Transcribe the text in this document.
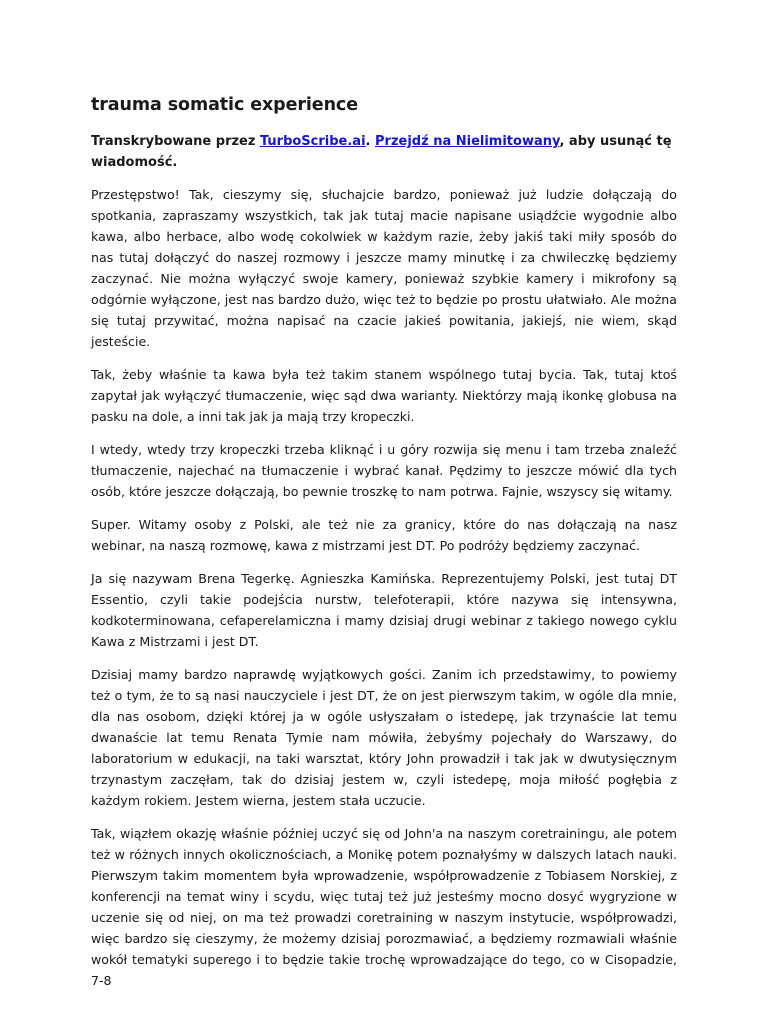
trauma somatic experience

Transkrybowane przez TurboScribe.ai. Przejdź na Nielimitowany, aby usunąć tę wiadomość.

Przestępstwo! Tak, cieszymy się, słuchajcie bardzo, ponieważ już ludzie dołączają do spotkania, zapraszamy wszystkich, tak jak tutaj macie napisane usiądźcie wygodnie albo kawa, albo herbace, albo wodę cokolwiek w każdym razie, żeby jakiś taki miły sposób do nas tutaj dołączyć do naszej rozmowy i jeszcze mamy minutkę i za chwileczkę będziemy zaczynać. Nie można wyłączyć swoje kamery, ponieważ szybkie kamery i mikrofony są odgórnie wyłączone, jest nas bardzo dużo, więc też to będzie po prostu ułatwiało. Ale można się tutaj przywitać, można napisać na czacie jakieś powitania, jakiejś, nie wiem, skąd jesteście.

Tak, żeby właśnie ta kawa była też takim stanem wspólnego tutaj bycia. Tak, tutaj ktoś zapytał jak wyłączyć tłumaczenie, więc sąd dwa warianty. Niektórzy mają ikonkę globusa na pasku na dole, a inni tak jak ja mają trzy kropeczki.

I wtedy, wtedy trzy kropeczki trzeba kliknąć i u góry rozwija się menu i tam trzeba znaleźć tłumaczenie, najechać na tłumaczenie i wybrać kanał. Pędzimy to jeszcze mówić dla tych osób, które jeszcze dołączają, bo pewnie troszkę to nam potrwa. Fajnie, wszyscy się witamy.

Super. Witamy osoby z Polski, ale też nie za granicy, które do nas dołączają na nasz webinar, na naszą rozmowę, kawa z mistrzami jest DT. Po podróży będziemy zaczynać.

Ja się nazywam Brena Tegerkę. Agnieszka Kamińska. Reprezentujemy Polski, jest tutaj DT Essentio, czyli takie podejścia nurstw, telefoterapii, które nazywa się intensywna, kodkoterminowana, cefaperelamiczna i mamy dzisiaj drugi webinar z takiego nowego cyklu Kawa z Mistrzami i jest DT.

Dzisiaj mamy bardzo naprawdę wyjątkowych gości. Zanim ich przedstawimy, to powiemy też o tym, że to są nasi nauczyciele i jest DT, że on jest pierwszym takim, w ogóle dla mnie, dla nas osobom, dzięki której ja w ogóle usłyszałam o istedepę, jak trzynaście lat temu dwanaście lat temu Renata Tymie nam mówiła, żebyśmy pojechały do Warszawy, do laboratorium w edukacji, na taki warsztat, który John prowadził i tak jak w dwutysięcznym trzynastym zaczęłam, tak do dzisiaj jestem w, czyli istedepę, moja miłość pogłębia z każdym rokiem. Jestem wierna, jestem stała uczucie.

Tak, wiązłem okazję właśnie później uczyć się od John'a na naszym coretrainingu, ale potem też w różnych innych okolicznościach, a Monikę potem poznałyśmy w dalszych latach nauki. Pierwszym takim momentem była wprowadzenie, współprowadzenie z Tobiasem Norskiej, z konferencji na temat winy i scydu, więc tutaj też już jesteśmy mocno dosyć wygryzione w uczenie się od niej, on ma też prowadzi coretraining w naszym instytucie, współprowadzi, więc bardzo się cieszymy, że możemy dzisiaj porozmawiać, a będziemy rozmawiali właśnie wokół tematyki superego i to będzie takie trochę wprowadzające do tego, co w Cisopadzie, 7-8
